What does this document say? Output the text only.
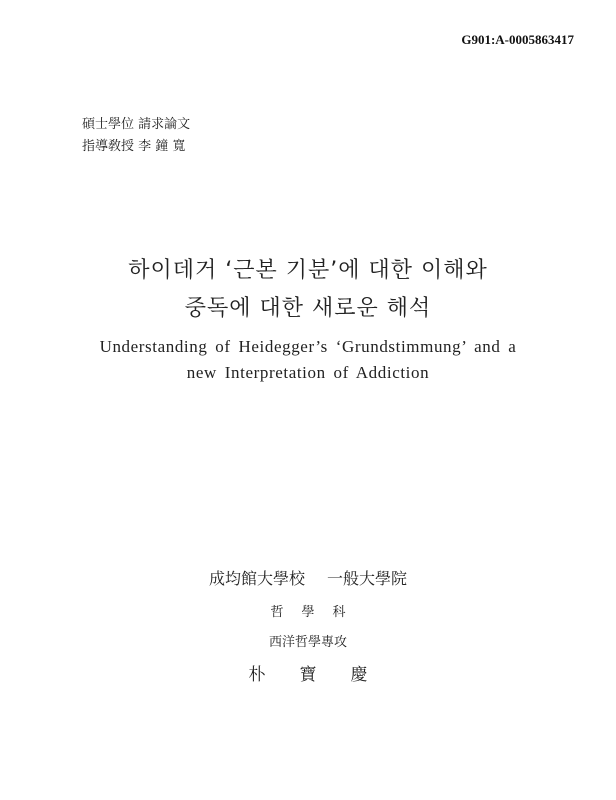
G901:A-0005863417
碩士學位 請求論文
指導敎授 李 鐘 寬
하이데거 ‘근본 기분’에 대한 이해와
중독에 대한 새로운 해석
Understanding of Heidegger’s ‘Grundstimmung’ and a
new Interpretation of Addiction
成均館大學校 一般大學院
哲學科
西洋哲學專攻
朴寶慶
